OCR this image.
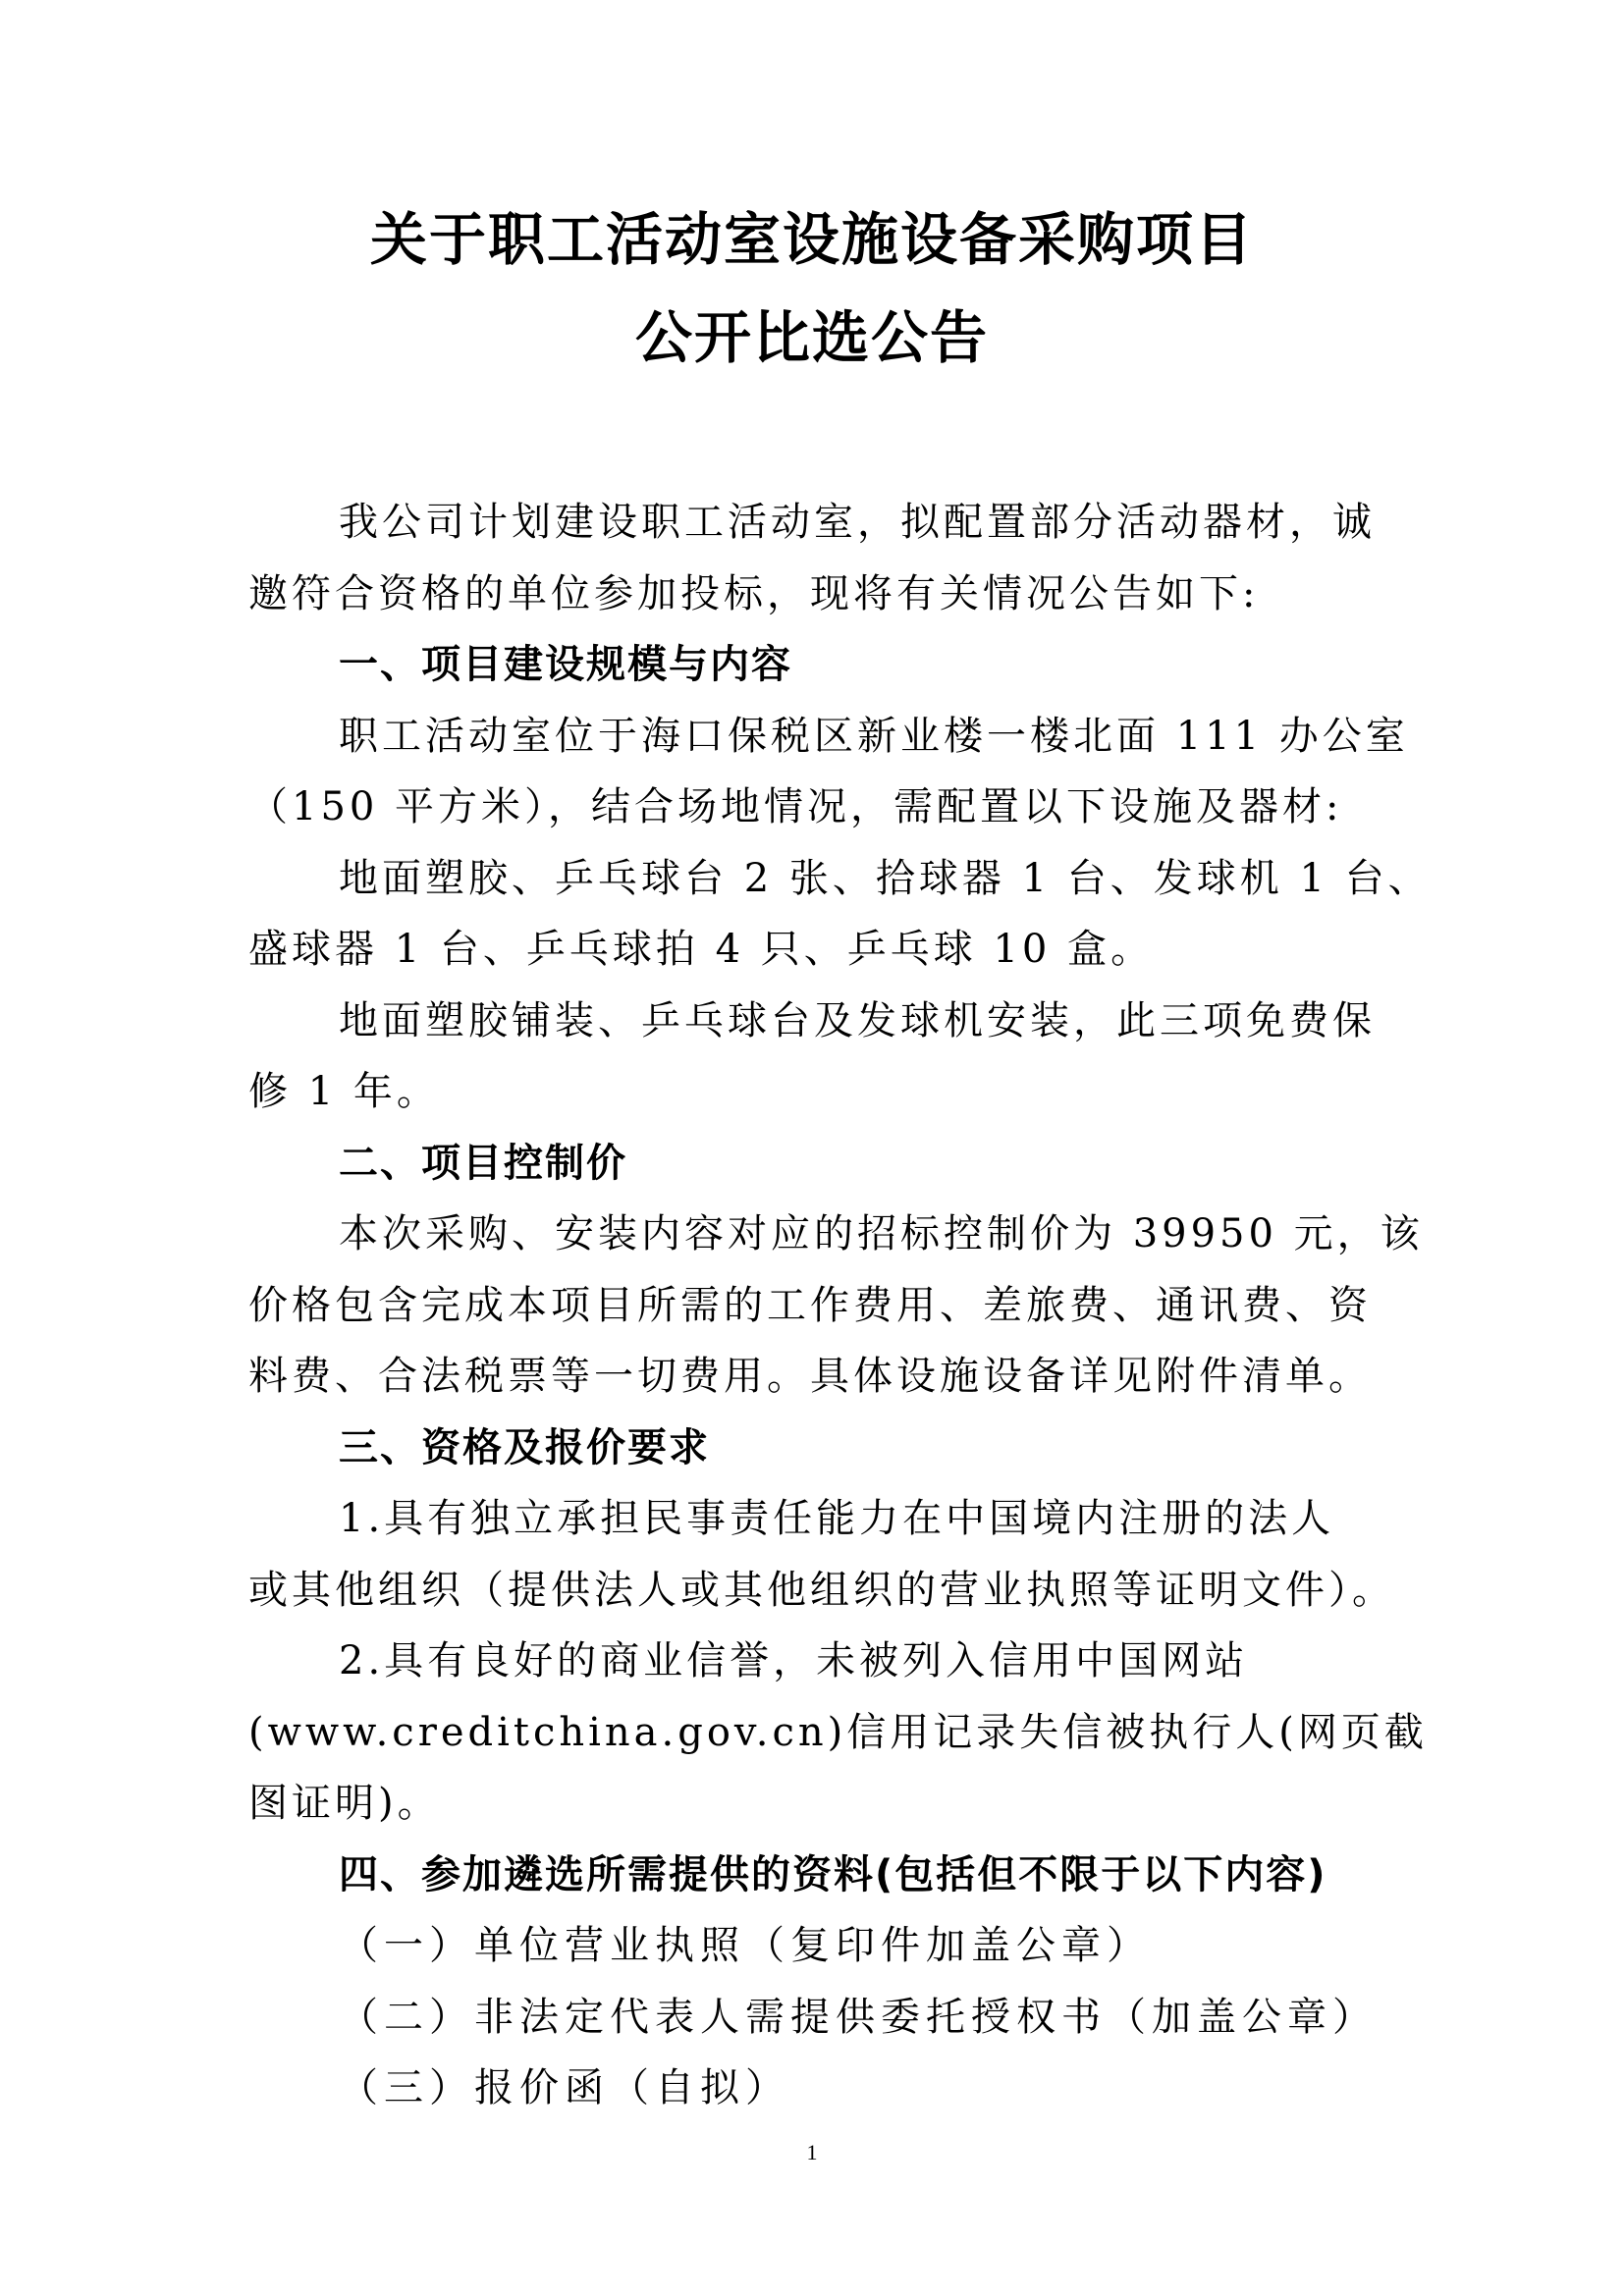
关于职工活动室设施设备采购项目
公开比选公告
我公司计划建设职工活动室，拟配置部分活动器材，诚
邀符合资格的单位参加投标，现将有关情况公告如下:
一、项目建设规模与内容
职工活动室位于海口保税区新业楼一楼北面 111 办公室
（150 平方米），结合场地情况，需配置以下设施及器材:
地面塑胶、乒乓球台 2 张、拾球器 1 台、发球机 1 台、
盛球器 1 台、乒乓球拍 4 只、乒乓球 10 盒。
地面塑胶铺装、乒乓球台及发球机安装，此三项免费保
修 1 年。
二、项目控制价
本次采购、安装内容对应的招标控制价为 39950 元，该
价格包含完成本项目所需的工作费用、差旅费、通讯费、资
料费、合法税票等一切费用。具体设施设备详见附件清单。
三、资格及报价要求
1.具有独立承担民事责任能力在中国境内注册的法人
或其他组织（提供法人或其他组织的营业执照等证明文件）。
2.具有良好的商业信誉，未被列入信用中国网站
(www.creditchina.gov.cn)信用记录失信被执行人(网页截
图证明)。
四、参加遴选所需提供的资料(包括但不限于以下内容)
（一）单位营业执照（复印件加盖公章）
（二）非法定代表人需提供委托授权书（加盖公章）
（三）报价函（自拟）
1
